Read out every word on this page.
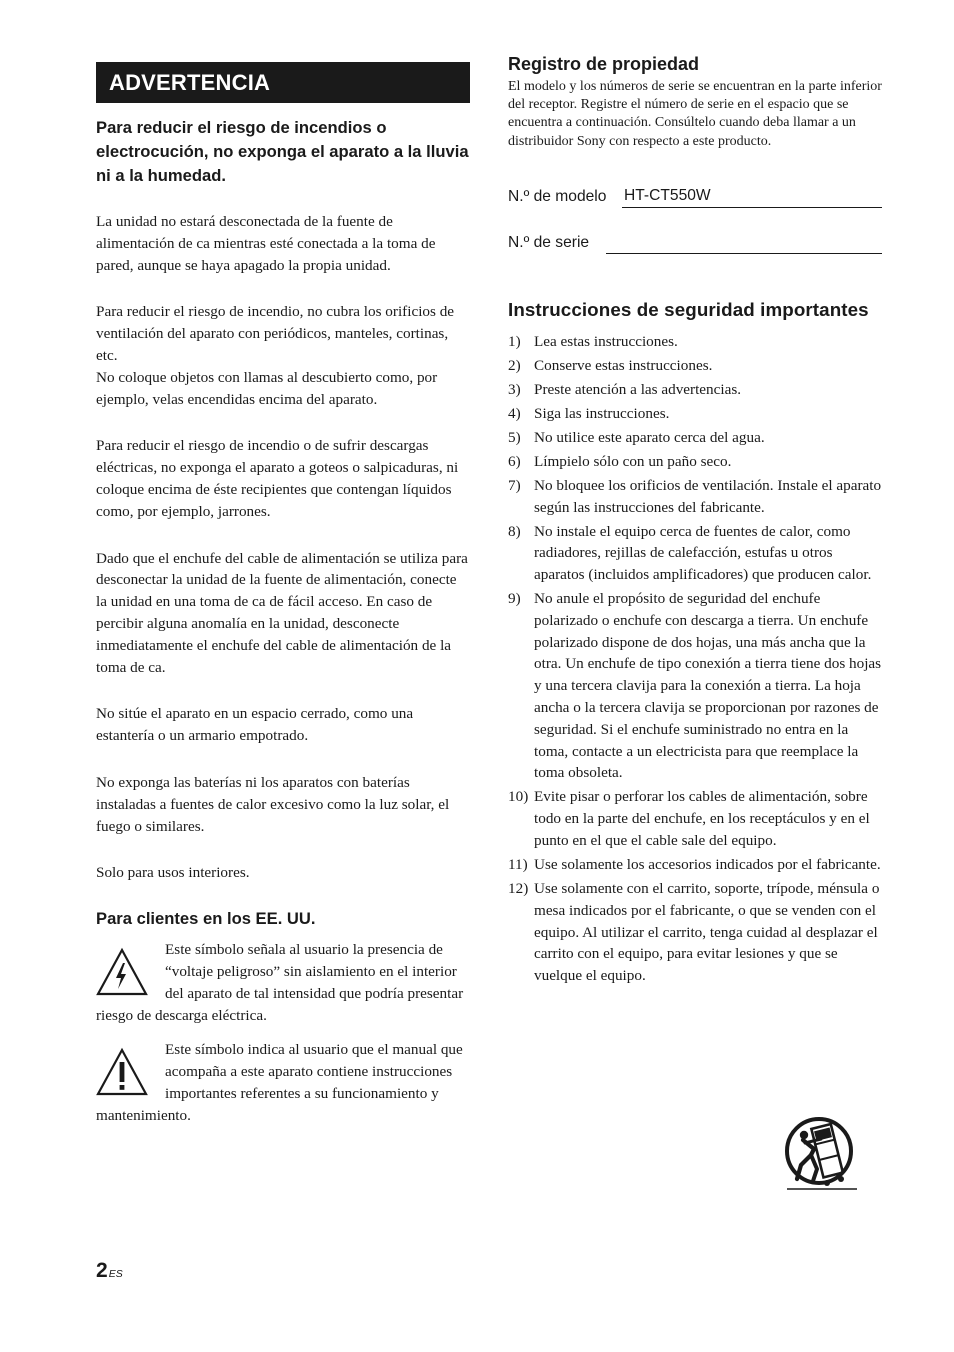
ADVERTENCIA

Para reducir el riesgo de incendios o electrocución, no exponga el aparato a la lluvia ni a la humedad.

La unidad no estará desconectada de la fuente de alimentación de ca mientras esté conectada a la toma de pared, aunque se haya apagado la propia unidad.

Para reducir el riesgo de incendio, no cubra los orificios de ventilación del aparato con periódicos, manteles, cortinas, etc.

No coloque objetos con llamas al descubierto como, por ejemplo, velas encendidas encima del aparato.

Para reducir el riesgo de incendio o de sufrir descargas eléctricas, no exponga el aparato a goteos o salpicaduras, ni coloque encima de éste recipientes que contengan líquidos como, por ejemplo, jarrones.

Dado que el enchufe del cable de alimentación se utiliza para desconectar la unidad de la fuente de alimentación, conecte la unidad en una toma de ca de fácil acceso. En caso de percibir alguna anomalía en la unidad, desconecte inmediatamente el enchufe del cable de alimentación de la toma de ca.

No sitúe el aparato en un espacio cerrado, como una estantería o un armario empotrado.

No exponga las baterías ni los aparatos con baterías instaladas a fuentes de calor excesivo como la luz solar, el fuego o similares.

Solo para usos interiores.

Para clientes en los EE. UU.

Este símbolo señala al usuario la presencia de “voltaje peligroso” sin aislamiento en el interior del aparato de tal intensidad que podría presentar riesgo de descarga eléctrica.

Este símbolo indica al usuario que el manual que acompaña a este aparato contiene instrucciones importantes referentes a su funcionamiento y mantenimiento.

Registro de propiedad

El modelo y los números de serie se encuentran en la parte inferior del receptor. Registre el número de serie en el espacio que se encuentra a continuación. Consúltelo cuando deba llamar a un distribuidor Sony con respecto a este producto.

N.º de modelo HT-CT550W
N.º de serie
Instrucciones de seguridad importantes
1) Lea estas instrucciones.
2) Conserve estas instrucciones.
3) Preste atención a las advertencias.
4) Siga las instrucciones.
5) No utilice este aparato cerca del agua.
6) Límpielo sólo con un paño seco.
7) No bloquee los orificios de ventilación. Instale el aparato según las instrucciones del fabricante.
8) No instale el equipo cerca de fuentes de calor, como radiadores, rejillas de calefacción, estufas u otros aparatos (incluidos amplificadores) que producen calor.
9) No anule el propósito de seguridad del enchufe polarizado o enchufe con descarga a tierra. Un enchufe polarizado dispone de dos hojas, una más ancha que la otra. Un enchufe de tipo conexión a tierra tiene dos hojas y una tercera clavija para la conexión a tierra. La hoja ancha o la tercera clavija se proporcionan por razones de seguridad. Si el enchufe suministrado no entra en la toma, contacte a un electricista para que reemplace la toma obsoleta.
10) Evite pisar o perforar los cables de alimentación, sobre todo en la parte del enchufe, en los receptáculos y en el punto en el que el cable sale del equipo.
11) Use solamente los accesorios indicados por el fabricante.
12) Use solamente con el carrito, soporte, trípode, ménsula o mesa indicados por el fabricante, o que se venden con el equipo. Al utilizar el carrito, tenga cuidad al desplazar el carrito con el equipo, para evitar lesiones y que se vuelque el equipo.
$2^{ES}$
